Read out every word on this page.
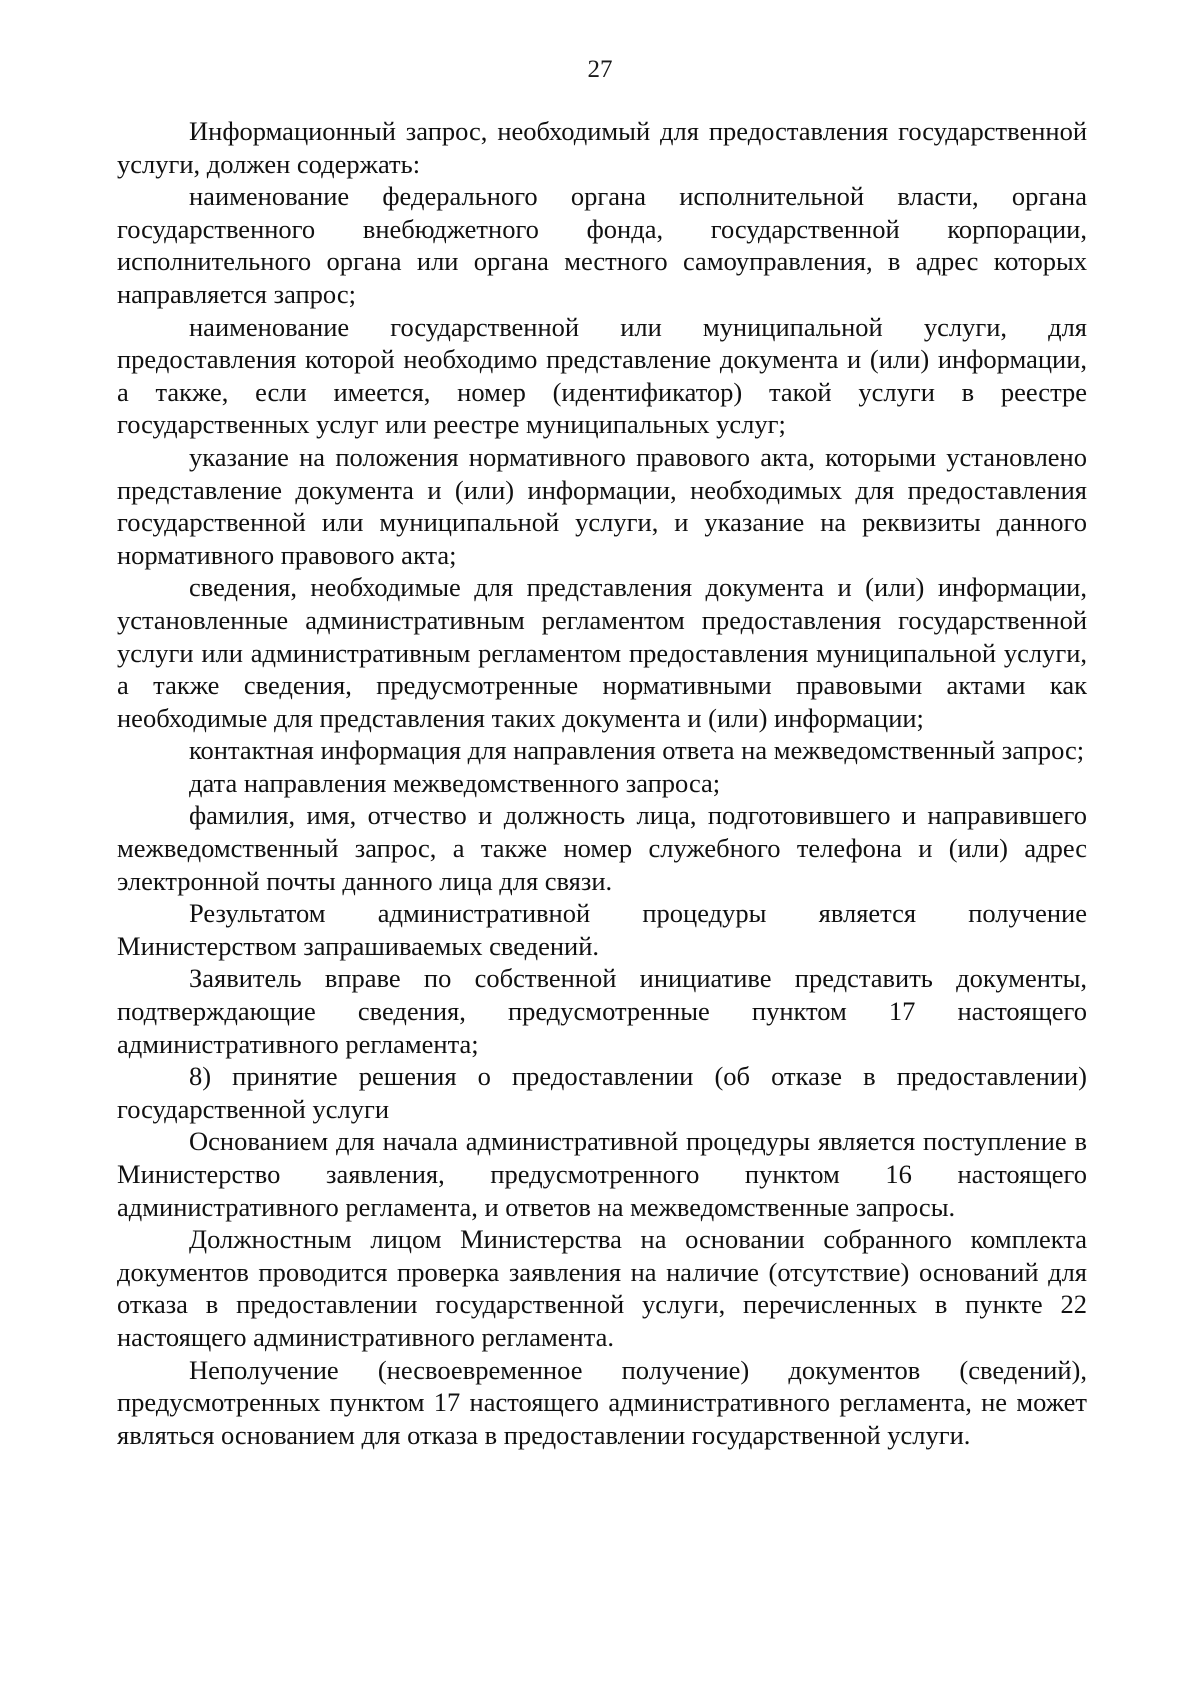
27

Информационный запрос, необходимый для предоставления государственной услуги, должен содержать:

наименование федерального органа исполнительной власти, органа государственного внебюджетного фонда, государственной корпорации, исполнительного органа или органа местного самоуправления, в адрес которых направляется запрос;

наименование государственной или муниципальной услуги, для предоставления которой необходимо представление документа и (или) информации, а также, если имеется, номер (идентификатор) такой услуги в реестре государственных услуг или реестре муниципальных услуг;

указание на положения нормативного правового акта, которыми установлено представление документа и (или) информации, необходимых для предоставления государственной или муниципальной услуги, и указание на реквизиты данного нормативного правового акта;

сведения, необходимые для представления документа и (или) информации, установленные административным регламентом предоставления государственной услуги или административным регламентом предоставления муниципальной услуги, а также сведения, предусмотренные нормативными правовыми актами как необходимые для представления таких документа и (или) информации;

контактная информация для направления ответа на межведомственный запрос;

дата направления межведомственного запроса;

фамилия, имя, отчество и должность лица, подготовившего и направившего межведомственный запрос, а также номер служебного телефона и (или) адрес электронной почты данного лица для связи.

Результатом административной процедуры является получение Министерством запрашиваемых сведений.

Заявитель вправе по собственной инициативе представить документы, подтверждающие сведения, предусмотренные пунктом 17 настоящего административного регламента;

8) принятие решения о предоставлении (об отказе в предоставлении) государственной услуги

Основанием для начала административной процедуры является поступление в Министерство заявления, предусмотренного пунктом 16 настоящего административного регламента, и ответов на межведомственные запросы.

Должностным лицом Министерства на основании собранного комплекта документов проводится проверка заявления на наличие (отсутствие) оснований для отказа в предоставлении государственной услуги, перечисленных в пункте 22 настоящего административного регламента.

Неполучение (несвоевременное получение) документов (сведений), предусмотренных пунктом 17 настоящего административного регламента, не может являться основанием для отказа в предоставлении государственной услуги.
